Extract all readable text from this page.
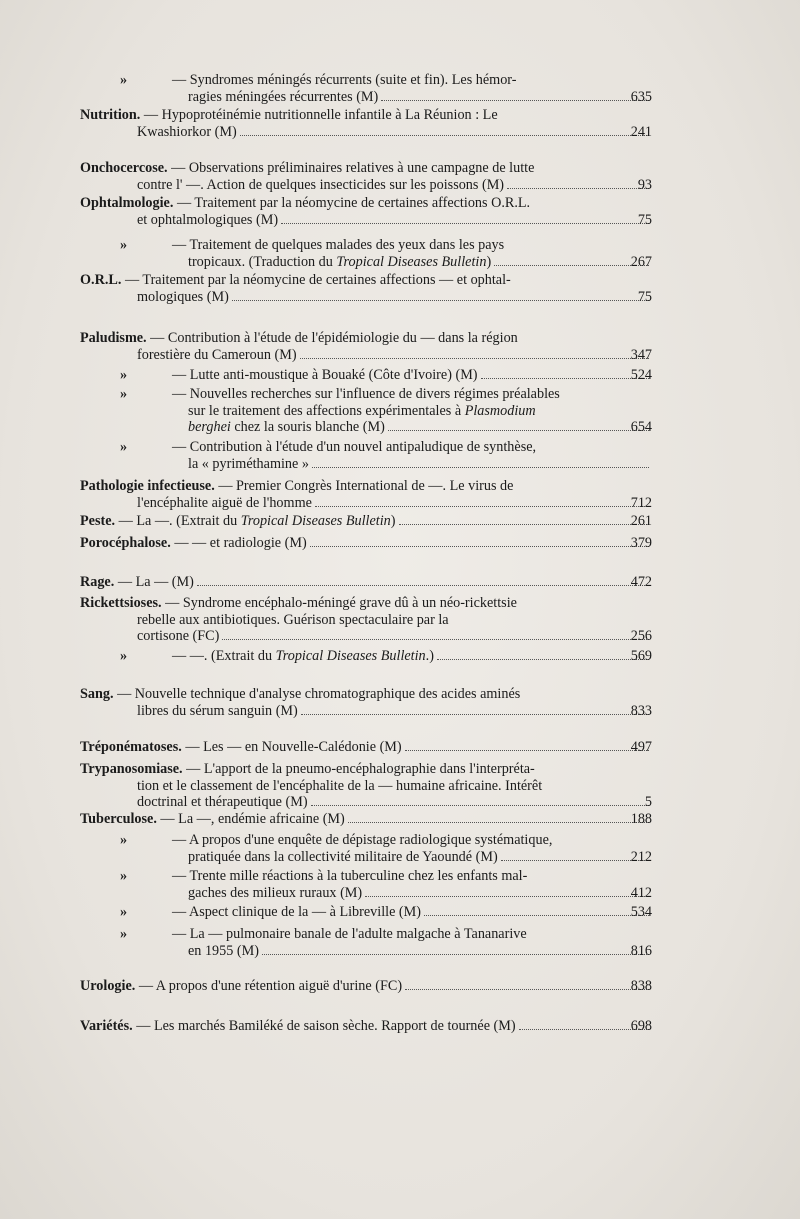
»	— Syndromes méningés récurrents (suite et fin). Les hémor-
ragies méningées récurrentes (M)	635
Nutrition. — Hypoprotéinémie nutritionnelle infantile à La Réunion : Le
Kwashiorkor (M)	241
Onchocercose. — Observations préliminaires relatives à une campagne de lutte
contre l' —. Action de quelques insecticides sur les poissons (M)	93
Ophtalmologie. — Traitement par la néomycine de certaines affections O.R.L.
et ophtalmologiques (M)	75
»	— Traitement de quelques malades des yeux dans les pays
tropicaux. (Traduction du Tropical Diseases Bulletin)	267
O.R.L. — Traitement par la néomycine de certaines affections — et ophtal-
mologiques (M)	75
Paludisme. — Contribution à l'étude de l'épidémiologie du — dans la région
forestière du Cameroun (M)	347
»	— Lutte anti-moustique à Bouaké (Côte d'Ivoire) (M)	524
»	— Nouvelles recherches sur l'influence de divers régimes préalables
sur le traitement des affections expérimentales à Plasmodium
berghei chez la souris blanche (M)	654
»	— Contribution à l'étude d'un nouvel antipaludique de synthèse,
la « pyriméthamine »
Pathologie infectieuse. — Premier Congrès International de —. Le virus de
l'encéphalite aiguë de l'homme	712
Peste. — La —. (Extrait du Tropical Diseases Bulletin)	261
Porocéphalose. — — et radiologie (M)	379
Rage. — La — (M)	472
Rickettsioses. — Syndrome encéphalo-méningé grave dû à un néo-rickettsie
rebelle aux antibiotiques. Guérison spectaculaire par la
cortisone (FC)	256
»	— —. (Extrait du Tropical Diseases Bulletin.)	569
Sang. — Nouvelle technique d'analyse chromatographique des acides aminés
libres du sérum sanguin (M)	833
Tréponématoses. — Les — en Nouvelle-Calédonie (M)	497
Trypanosomiase. — L'apport de la pneumo-encéphalographie dans l'interpréta-
tion et le classement de l'encéphalite de la — humaine africaine. Intérêt
doctrinal et thérapeutique (M)	5
Tuberculose. — La —, endémie africaine (M)	188
»	— A propos d'une enquête de dépistage radiologique systématique,
pratiquée dans la collectivité militaire de Yaoundé (M)	212
»	— Trente mille réactions à la tuberculine chez les enfants mal-
gaches des milieux ruraux (M)	412
»	— Aspect clinique de la — à Libreville (M)	534
»	— La — pulmonaire banale de l'adulte malgache à Tananarive
en 1955 (M)	816
Urologie. — A propos d'une rétention aiguë d'urine (FC)	838
Variétés. — Les marchés Bamiléké de saison sèche. Rapport de tournée (M)	698
